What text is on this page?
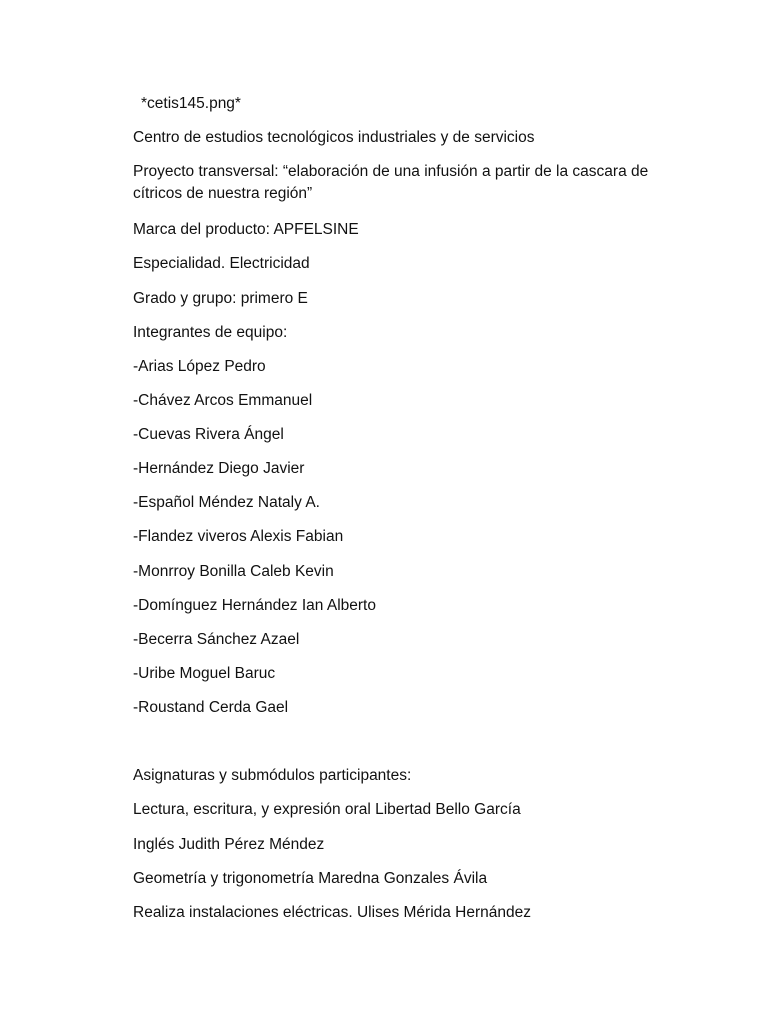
*cetis145.png*
Centro de estudios tecnológicos industriales y de servicios
Proyecto transversal: “elaboración de una infusión a partir de la cascara de cítricos de nuestra región”
Marca del producto: APFELSINE
Especialidad. Electricidad
Grado y grupo: primero E
Integrantes de equipo:
-Arias López Pedro
-Chávez Arcos Emmanuel
-Cuevas Rivera Ángel
-Hernández Diego Javier
-Español Méndez Nataly A.
-Flandez viveros Alexis Fabian
-Monrroy Bonilla Caleb Kevin
-Domínguez Hernández Ian Alberto
-Becerra Sánchez Azael
-Uribe Moguel Baruc
-Roustand Cerda Gael
Asignaturas y submódulos participantes:
Lectura, escritura, y expresión oral Libertad Bello García
Inglés Judith Pérez Méndez
Geometría y trigonometría Maredna Gonzales Ávila
Realiza instalaciones eléctricas. Ulises Mérida Hernández
